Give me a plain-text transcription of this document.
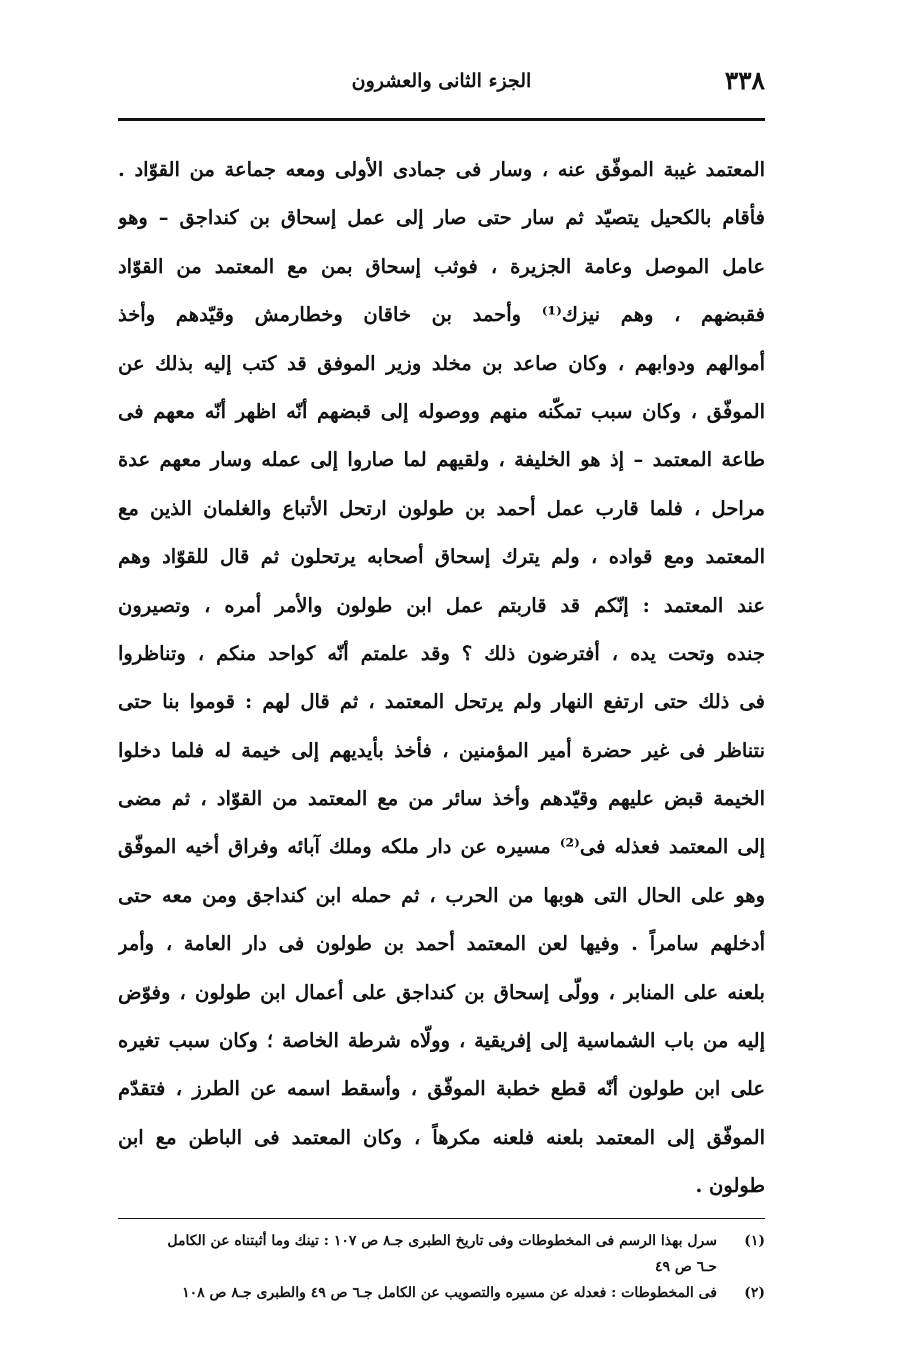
٣٣٨
الجزء الثانى والعشرون
المعتمد غيبة الموفّق عنه ، وسار فى جمادى الأولى ومعه جماعة من القوّاد .
فأقام بالكحيل يتصيّد ثم سار حتى صار إلى عمل إسحاق بن كنداجق – وهو
عامل الموصل وعامة الجزيرة ، فوثب إسحاق بمن مع المعتمد من القوّاد
فقبضهم ، وهم نيزك⁽¹⁾ وأحمد بن خاقان وخطارمش وقيّدهم وأخذ
أموالهم ودوابهم ، وكان صاعد بن مخلد وزير الموفق قد كتب إليه بذلك عن
الموفّق ، وكان سبب تمكّنه منهم ووصوله إلى قبضهم أنّه اظهر أنّه معهم فى
طاعة المعتمد – إذ هو الخليفة ، ولقيهم لما صاروا إلى عمله وسار معهم عدة
مراحل ، فلما قارب عمل أحمد بن طولون ارتحل الأتباع والغلمان الذين مع
المعتمد ومع قواده ، ولم يترك إسحاق أصحابه يرتحلون ثم قال للقوّاد وهم
عند المعتمد : إنّكم قد قاربتم عمل ابن طولون والأمر أمره ، وتصيرون
جنده وتحت يده ، أفترضون ذلك ؟ وقد علمتم أنّه كواحد منكم ، وتناظروا
فى ذلك حتى ارتفع النهار ولم يرتحل المعتمد ، ثم قال لهم : قوموا بنا حتى
نتناظر فى غير حضرة أمير المؤمنين ، فأخذ بأيديهم إلى خيمة له فلما دخلوا
الخيمة قبض عليهم وقيّدهم وأخذ سائر من مع المعتمد من القوّاد ، ثم مضى
إلى المعتمد فعذله فى⁽²⁾ مسيره عن دار ملكه وملك آبائه وفراق أخيه الموفّق
وهو على الحال التى هوبها من الحرب ، ثم حمله ابن كنداجق ومن معه حتى
أدخلهم سامراً . وفيها لعن المعتمد أحمد بن طولون فى دار العامة ، وأمر
بلعنه على المنابر ، وولّى إسحاق بن كنداجق على أعمال ابن طولون ، وفوّض
إليه من باب الشماسية إلى إفريقية ، وولّاه شرطة الخاصة ؛ وكان سبب تغيره
على ابن طولون أنّه قطع خطبة الموفّق ، وأسقط اسمه عن الطرز ، فتقدّم
الموفّق إلى المعتمد بلعنه فلعنه مكرهاً ، وكان المعتمد فى الباطن مع ابن
طولون .
(١)
سرل بهذا الرسم فى المخطوطات وفى تاريخ الطبرى جـ٨ ص ١٠٧ : تينك وما أثبتناه عن الكامل
حـ٦ ص ٤٩
(٢)
فى المخطوطات : فعدله عن مسيره والتصويب عن الكامل جـ٦ ص ٤٩ والطبرى جـ٨ ص ١٠٨
